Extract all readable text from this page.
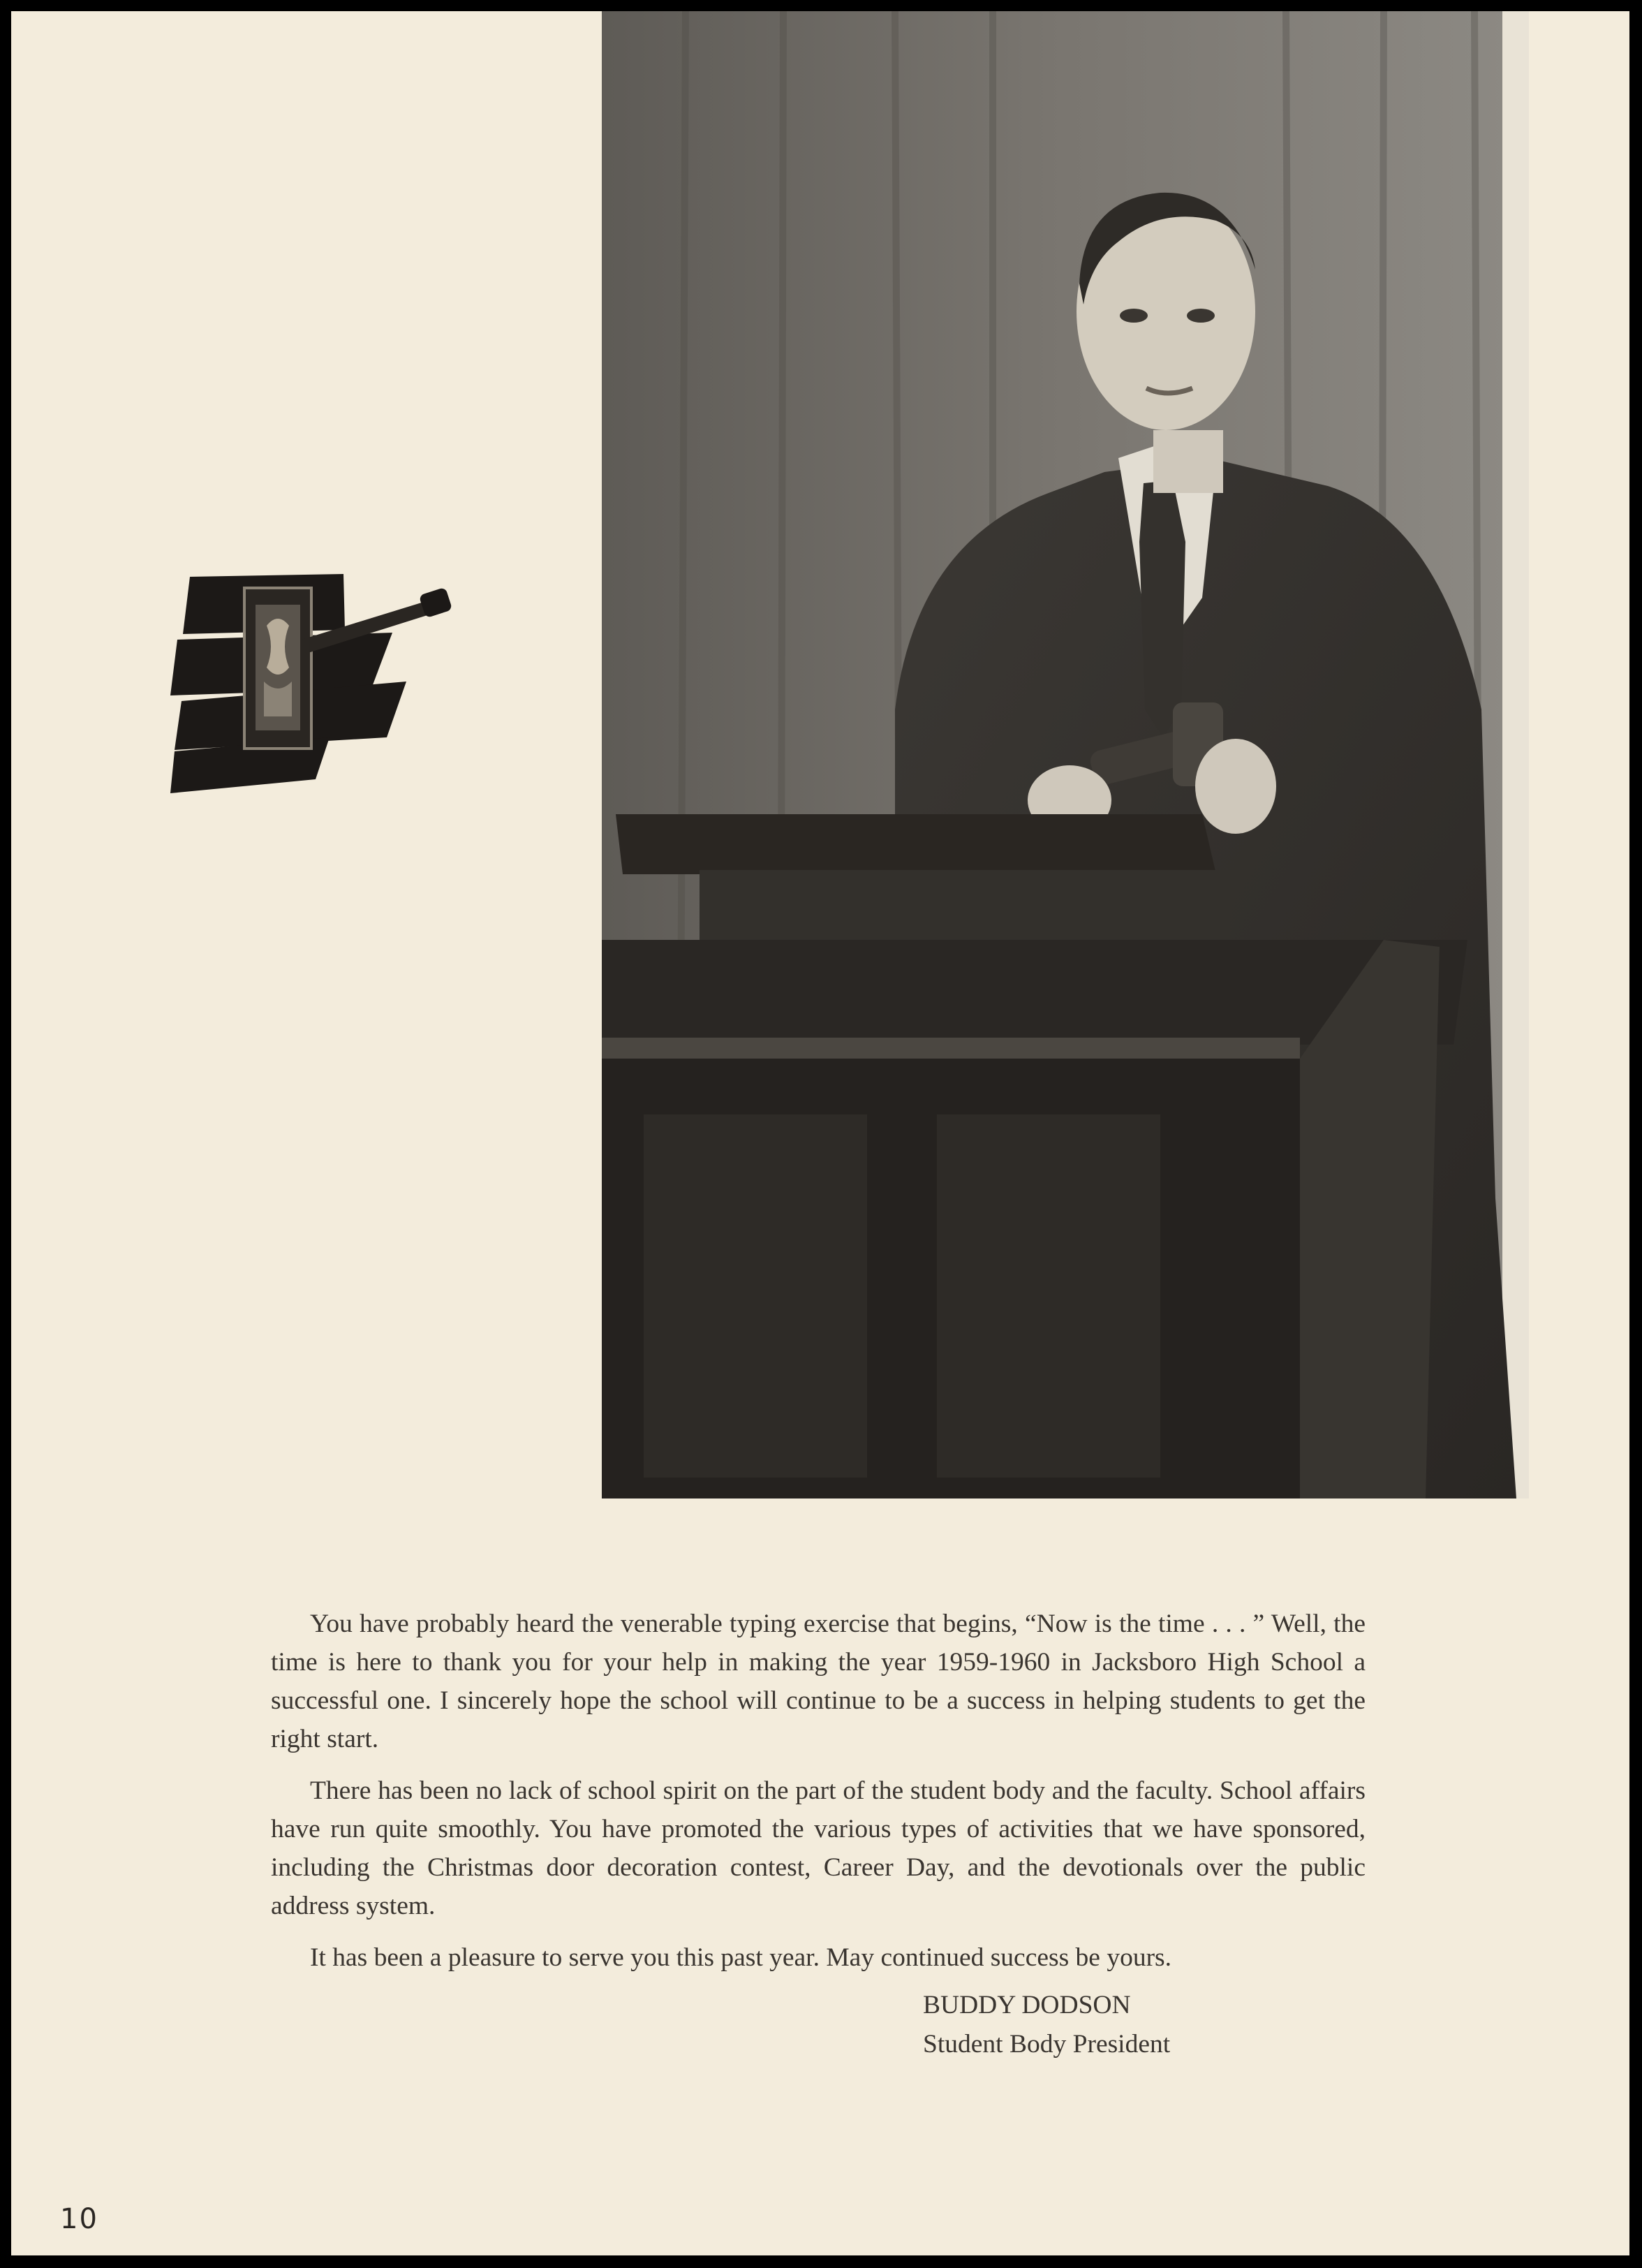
You have probably heard the venerable typing exercise that begins, “Now is the time . . . ” Well, the time is here to thank you for your help in making the year 1959-1960 in Jacksboro High School a successful one. I sincerely hope the school will continue to be a success in helping students to get the right start.

There has been no lack of school spirit on the part of the student body and the faculty. School affairs have run quite smoothly. You have promoted the various types of activities that we have sponsored, including the Christmas door decoration contest, Career Day, and the devotionals over the public address system.

It has been a pleasure to serve you this past year. May continued success be yours.

BUDDY DODSON
Student Body President
10
